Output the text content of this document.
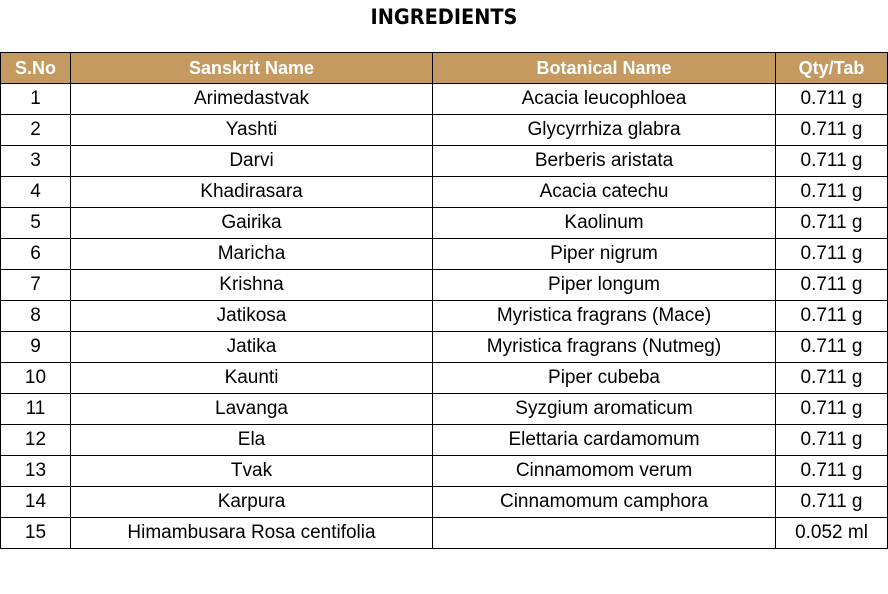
INGREDIENTS
S.No	Sanskrit Name	Botanical Name	Qty/Tab
1	Arimedastvak	Acacia leucophloea	0.711 g
2	Yashti	Glycyrrhiza glabra	0.711 g
3	Darvi	Berberis aristata	0.711 g
4	Khadirasara	Acacia catechu	0.711 g
5	Gairika	Kaolinum	0.711 g
6	Maricha	Piper nigrum	0.711 g
7	Krishna	Piper longum	0.711 g
8	Jatikosa	Myristica fragrans (Mace)	0.711 g
9	Jatika	Myristica fragrans (Nutmeg)	0.711 g
10	Kaunti	Piper cubeba	0.711 g
11	Lavanga	Syzgium aromaticum	0.711 g
12	Ela	Elettaria cardamomum	0.711 g
13	Tvak	Cinnamomom verum	0.711 g
14	Karpura	Cinnamomum camphora	0.711 g
15	Himambusara Rosa centifolia		0.052 ml
